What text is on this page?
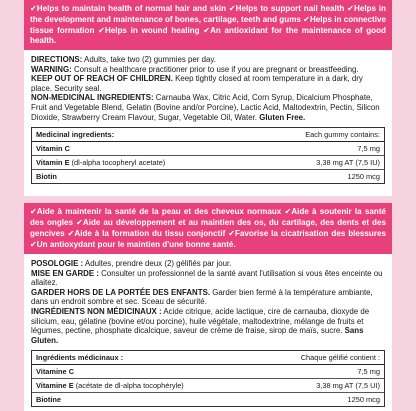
✔Helps to maintain health of normal hair and skin ✔Helps to support nail health ✔Helps in the development and maintenance of bones, cartilage, teeth and gums ✔Helps in connective tissue formation ✔Helps in wound healing ✔An antioxidant for the maintenance of good health.

DIRECTIONS: Adults, take two (2) gummies per day.

WARNING: Consult a healthcare practitioner prior to use if you are pregnant or breastfeeding.

KEEP OUT OF REACH OF CHILDREN. Keep tightly closed at room temperature in a dark, dry place. Security seal.

NON-MEDICINAL INGREDIENTS: Carnauba Wax, Citric Acid, Corn Syrup, Dicalcium Phosphate, Fruit and Vegetable Blend, Gelatin (Bovine and/or Porcine), Lactic Acid, Maltodextrin, Pectin, Silicon Dioxide, Strawberry Cream Flavour, Sugar, Vegetable Oil, Water. Gluten Free.

Medicinal ingredients:	Each gummy contains:
Vitamin C	7,5 mg
Vitamin E (dl-alpha tocopheryl acetate)	3,38 mg AT (7,5 IU)
Biotin	1250 mcg
✔Aide à maintenir la santé de la peau et des cheveux normaux ✔Aide à soutenir la santé des ongles ✔Aide au développement et au maintien des os, du cartilage, des dents et des gencives ✔Aide à la formation du tissu conjonctif ✔Favorise la cicatrisation des blessures ✔Un antioxydant pour le maintien d'une bonne santé.

POSOLOGIE : Adultes, prendre deux (2) gélifiés par jour.

MISE EN GARDE : Consulter un professionnel de la santé avant l'utilisation si vous êtes enceinte ou allaitez.

GARDER HORS DE LA PORTÉE DES ENFANTS. Garder bien fermé à la température ambiante, dans un endroit sombre et sec. Sceau de sécurité.

INGRÉDIENTS NON MÉDICINAUX : Acide citrique, acide lactique, cire de carnauba, dioxyde de silicium, eau, gélatine (bovine et/ou porcine), huile végétale, maltodextrine, mélange de fruits et légumes, pectine, phosphate dicalcique, saveur de crème de fraise, sirop de maïs, sucre. Sans Gluten.

Ingrédients médicinaux :	Chaque gélifié contient :
Vitamine C	7,5 mg
Vitamine E (acétate de dl-alpha tocophéryle)	3,38 mg AT (7,5 UI)
Biotine	1250 mcg
